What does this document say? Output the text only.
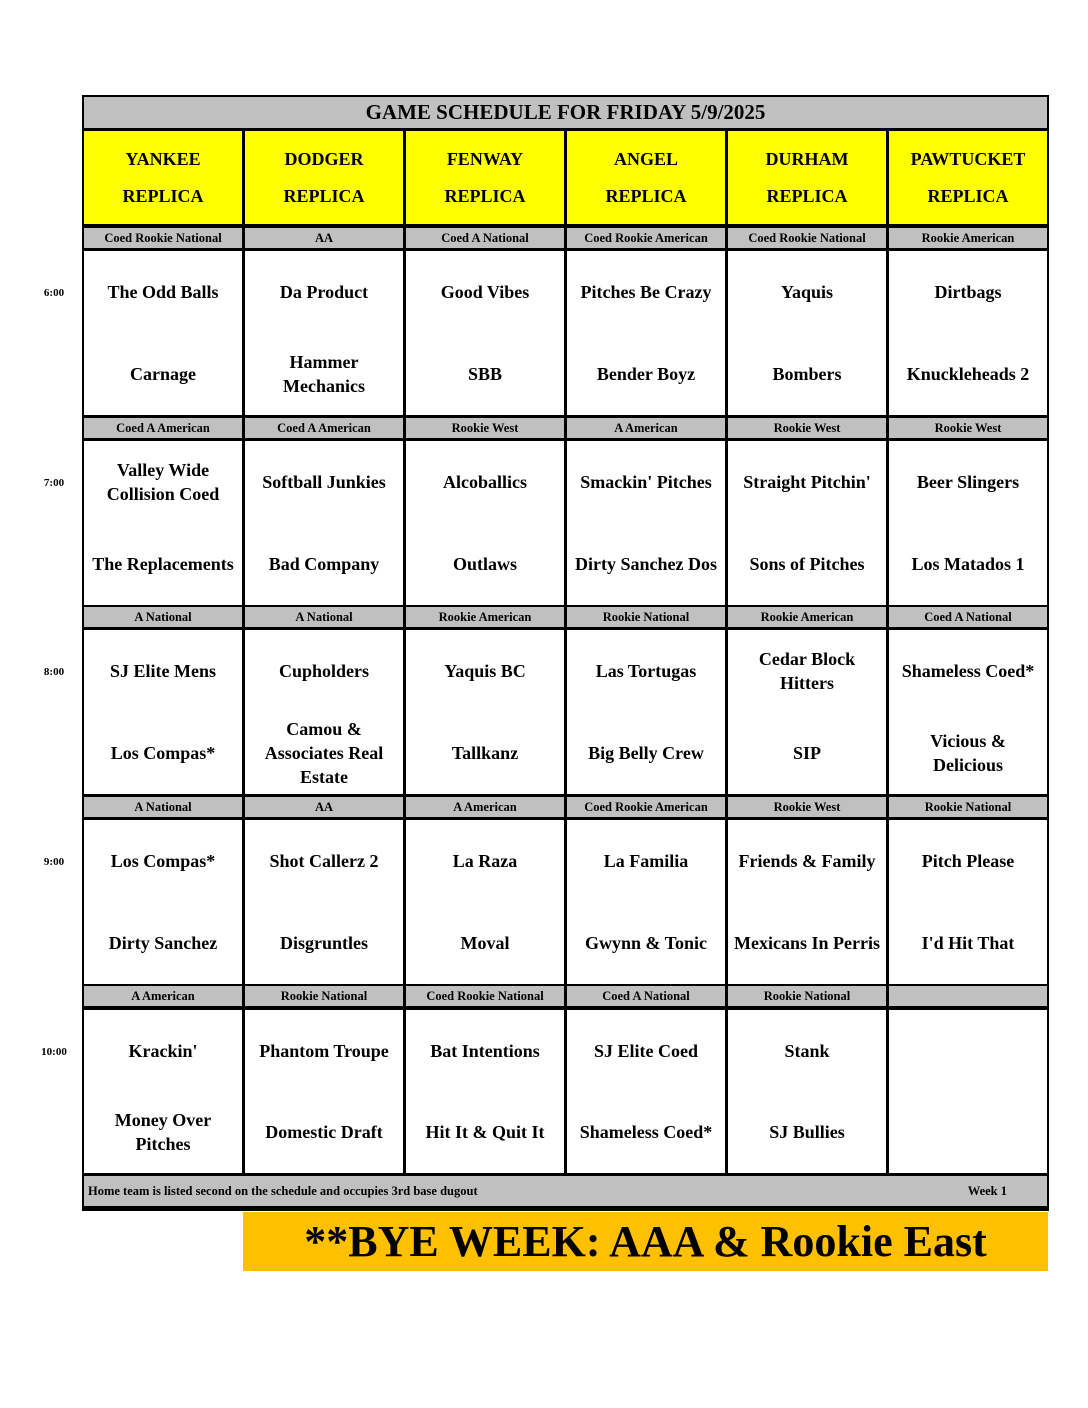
GAME SCHEDULE FOR FRIDAY 5/9/2025
Home team is listed second on the schedule and occupies 3rd base dugout	Week 1
YANKEE
REPLICA
DODGER
REPLICA
FENWAY
REPLICA
ANGEL
REPLICA
DURHAM
REPLICA
PAWTUCKET
REPLICA
Coed Rookie National
The Odd Balls
Carnage
AA
Da Product
Hammer Mechanics
Coed A National
Good Vibes
SBB
Coed Rookie American
Pitches Be Crazy
Bender Boyz
Coed Rookie National
Yaquis
Bombers
Rookie American
Dirtbags
Knuckleheads 2
Coed A American
Valley Wide Collision Coed
The Replacements
Coed A American
Softball Junkies
Bad Company
Rookie West
Alcoballics
Outlaws
A American
Smackin' Pitches
Dirty Sanchez Dos
Rookie West
Straight Pitchin'
Sons of Pitches
Rookie West
Beer Slingers
Los Matados 1
A National
SJ Elite Mens
Los Compas*
A National
Cupholders
Camou & Associates Real Estate
Rookie American
Yaquis BC
Tallkanz
Rookie National
Las Tortugas
Big Belly Crew
Rookie American
Cedar Block Hitters
SIP
Coed A National
Shameless Coed*
Vicious & Delicious
A National
Los Compas*
Dirty Sanchez
AA
Shot Callerz 2
Disgruntles
A American
La Raza
Moval
Coed Rookie American
La Familia
Gwynn & Tonic
Rookie West
Friends & Family
Mexicans In Perris
Rookie National
Pitch Please
I'd Hit That
A American
Krackin'
Money Over Pitches
Rookie National
Phantom Troupe
Domestic Draft
Coed Rookie National
Bat Intentions
Hit It & Quit It
Coed A National
SJ Elite Coed
Shameless Coed*
Rookie National
Stank
SJ Bullies
**BYE WEEK: AAA & Rookie East
6:00
7:00
8:00
9:00
10:00
